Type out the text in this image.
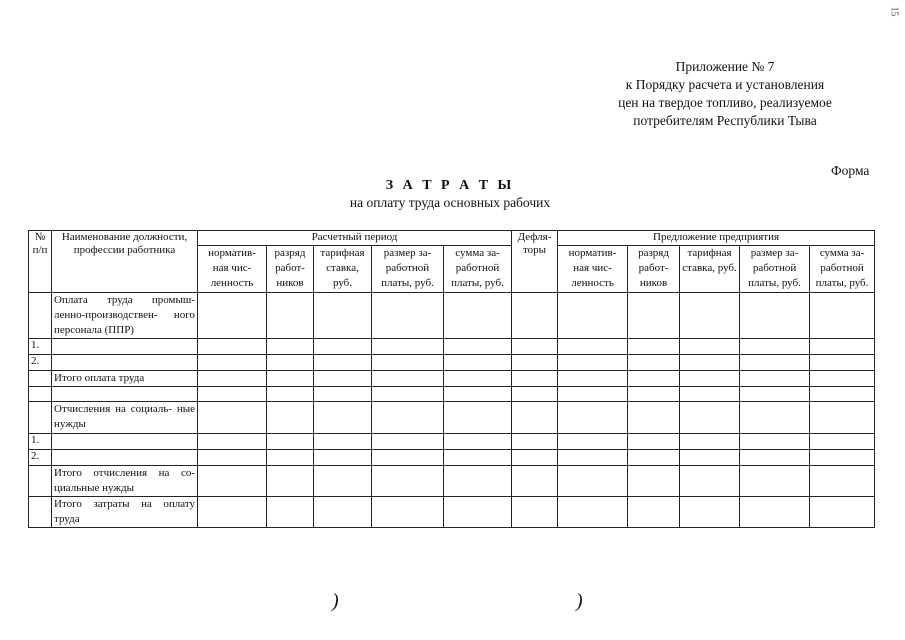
15
Приложение № 7
к Порядку расчета и установления
цен на твердое топливо, реализуемое
потребителям Республики Тыва
Форма
З А Т Р А Т Ы
на оплату труда основных рабочих
№ п/п	Наименование должности, профессии работника	Расчетный период					Дефля- торы	Предложение предприятия				
		норматив- ная чис- ленность	разряд работ- ников	тарифная ставка, руб.	размер за- работной платы, руб.	сумма за- работной платы, руб.		норматив- ная чис- ленность	разряд работ- ников	тарифная ставка, руб.	размер за- работной платы, руб.	сумма за- работной платы, руб.
	Оплата труда промыш- ленно-производствен- ного персонала (ППР)											
1.												
2.												
	Итого оплата труда											

	Отчисления на социаль- ные нужды											
1.												
2.												
	Итого отчисления на со- циальные нужды											
	Итого затраты на оплату труда											
)	)
